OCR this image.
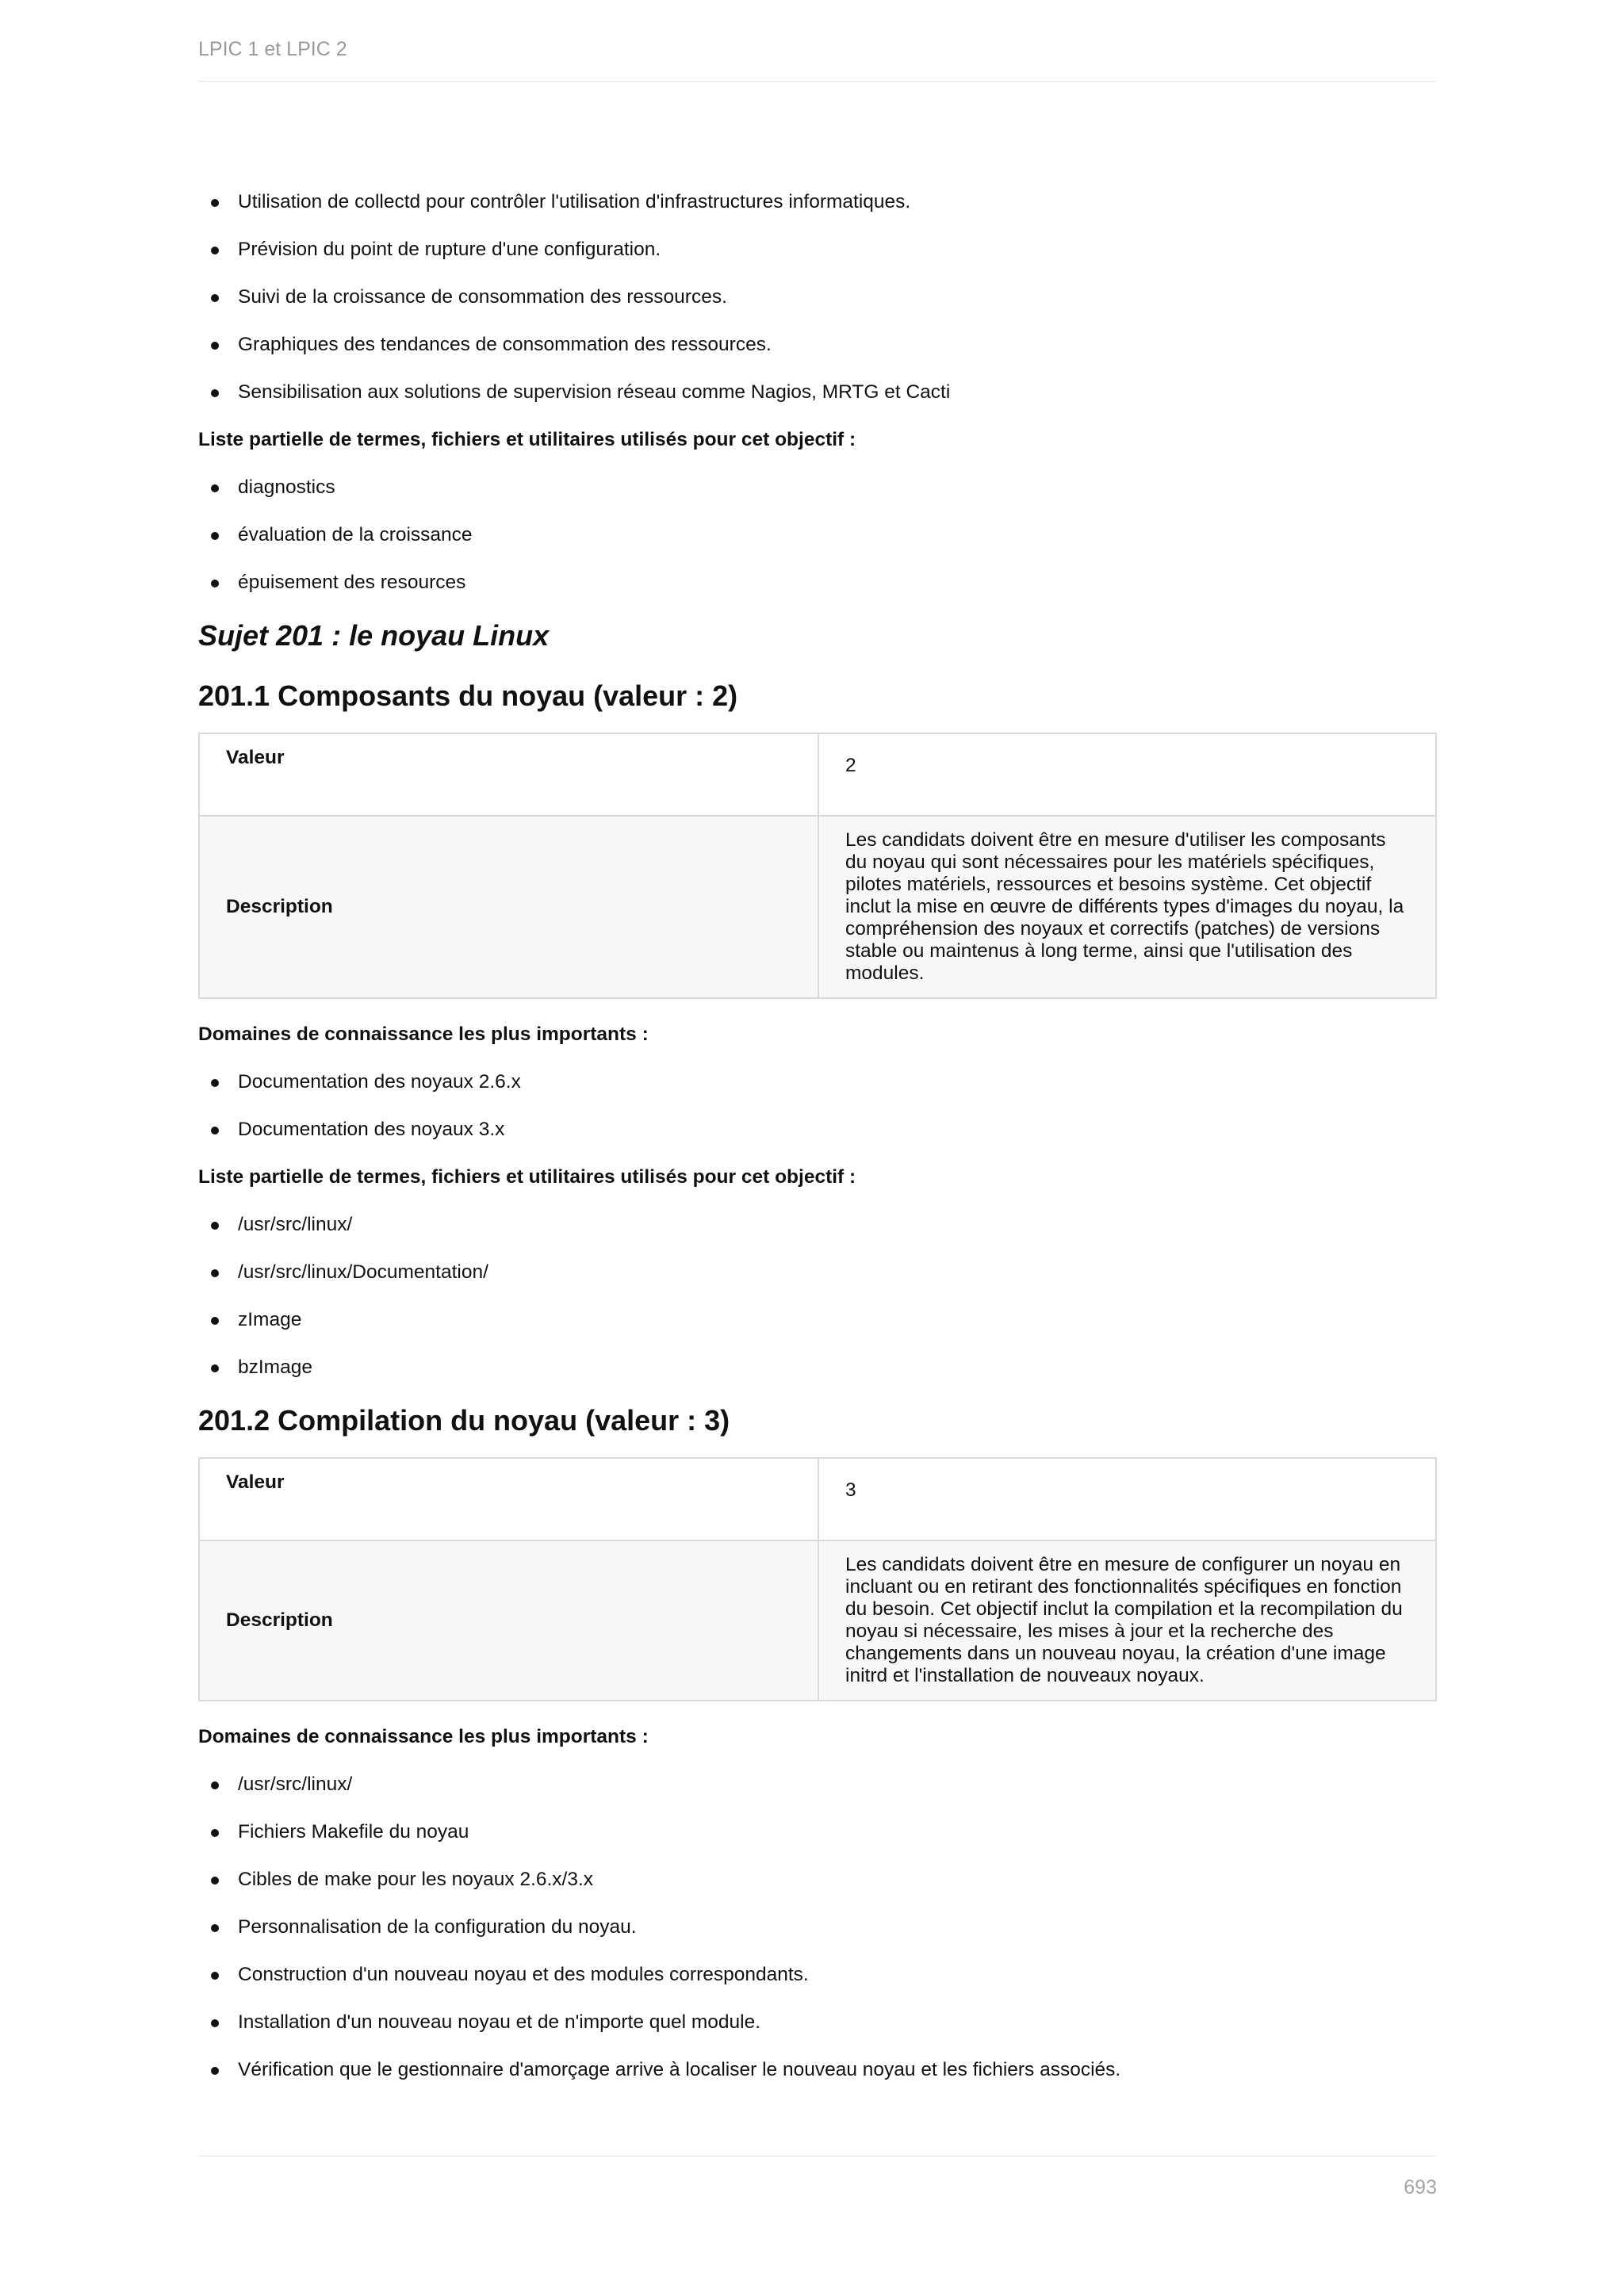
LPIC 1 et LPIC 2
Utilisation de collectd pour contrôler l'utilisation d'infrastructures informatiques.
Prévision du point de rupture d'une configuration.
Suivi de la croissance de consommation des ressources.
Graphiques des tendances de consommation des ressources.
Sensibilisation aux solutions de supervision réseau comme Nagios, MRTG et Cacti
Liste partielle de termes, fichiers et utilitaires utilisés pour cet objectif :
diagnostics
évaluation de la croissance
épuisement des resources
Sujet 201 : le noyau Linux
201.1 Composants du noyau (valeur : 2)
Valeur	2
Description	Les candidats doivent être en mesure d'utiliser les composants du noyau qui sont nécessaires pour les matériels spécifiques, pilotes matériels, ressources et besoins système. Cet objectif inclut la mise en œuvre de différents types d'images du noyau, la compréhension des noyaux et correctifs (patches) de versions stable ou maintenus à long terme, ainsi que l'utilisation des modules.
Domaines de connaissance les plus importants :
Documentation des noyaux 2.6.x
Documentation des noyaux 3.x
Liste partielle de termes, fichiers et utilitaires utilisés pour cet objectif :
/usr/src/linux/
/usr/src/linux/Documentation/
zImage
bzImage
201.2 Compilation du noyau (valeur : 3)
Valeur	3
Description	Les candidats doivent être en mesure de configurer un noyau en incluant ou en retirant des fonctionnalités spécifiques en fonction du besoin. Cet objectif inclut la compilation et la recompilation du noyau si nécessaire, les mises à jour et la recherche des changements dans un nouveau noyau, la création d'une image initrd et l'installation de nouveaux noyaux.
Domaines de connaissance les plus importants :
/usr/src/linux/
Fichiers Makefile du noyau
Cibles de make pour les noyaux 2.6.x/3.x
Personnalisation de la configuration du noyau.
Construction d'un nouveau noyau et des modules correspondants.
Installation d'un nouveau noyau et de n'importe quel module.
Vérification que le gestionnaire d'amorçage arrive à localiser le nouveau noyau et les fichiers associés.
693
